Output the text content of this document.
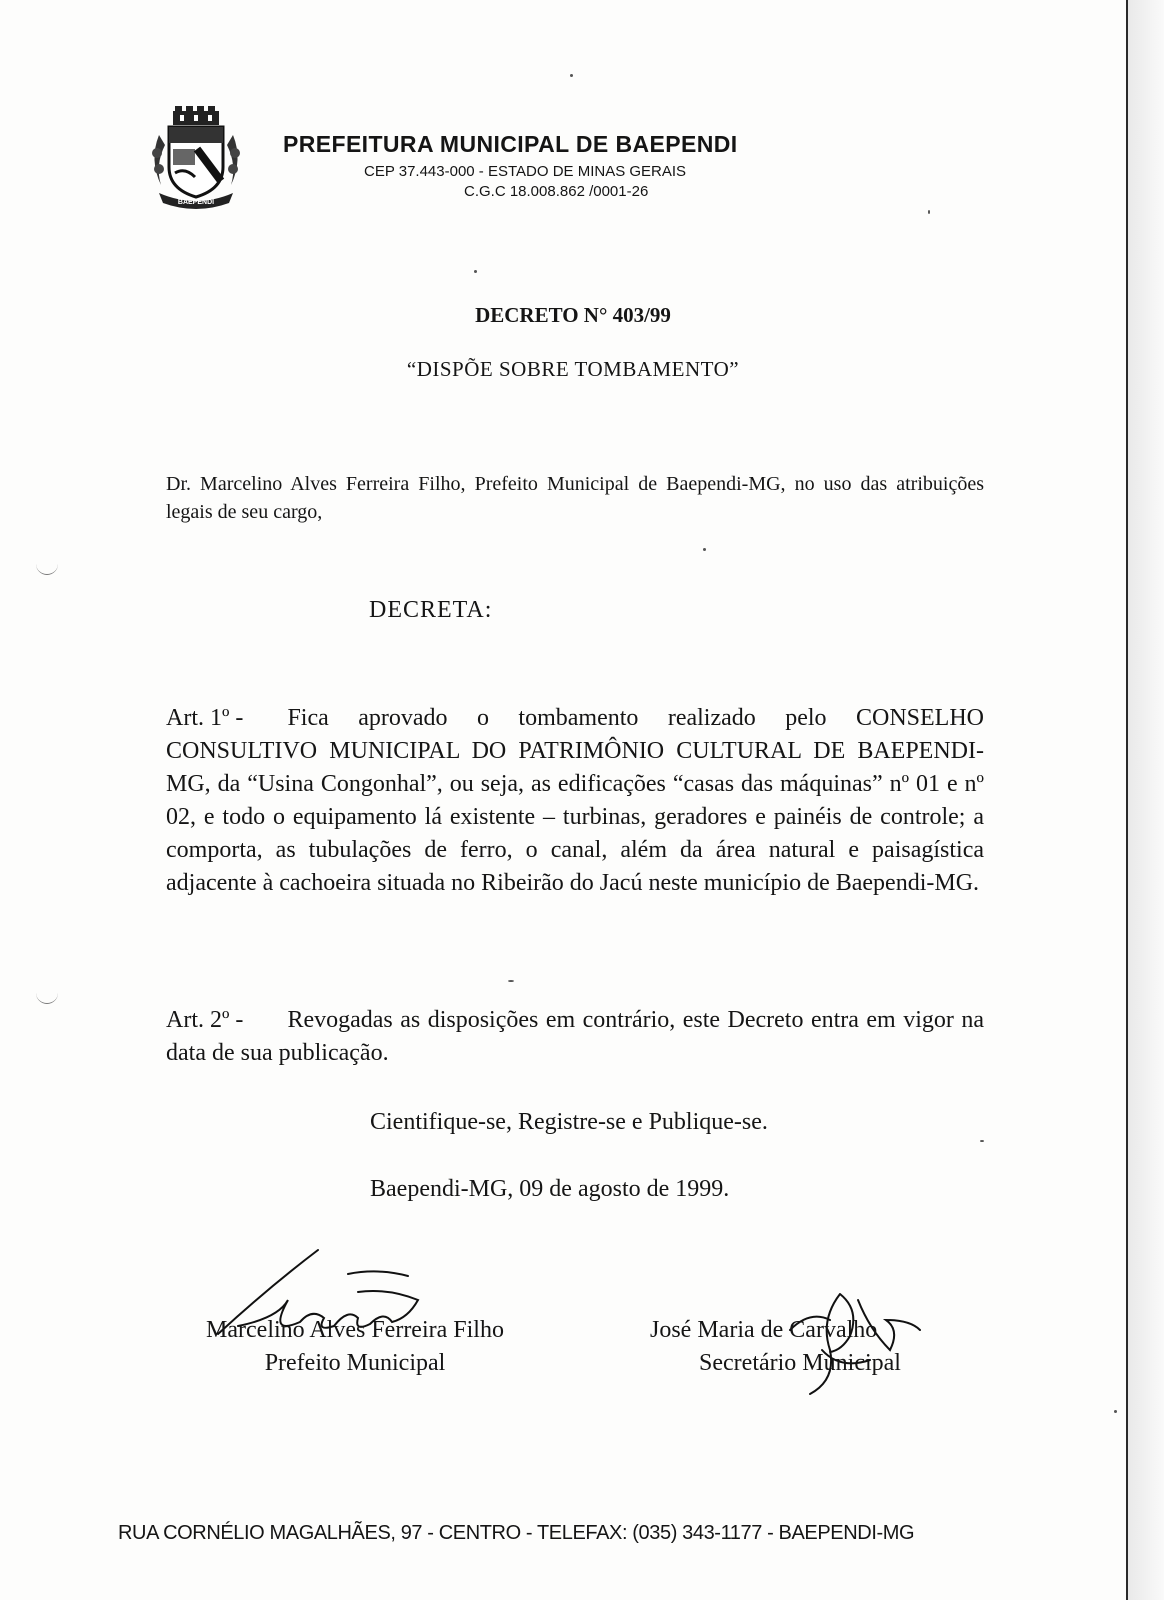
BAEPENDI
PREFEITURA MUNICIPAL DE BAEPENDI
CEP 37.443-000 - ESTADO DE MINAS GERAIS
C.G.C 18.008.862 /0001-26
DECRETO N° 403/99
“DISPÕE SOBRE TOMBAMENTO”
Dr. Marcelino Alves Ferreira Filho, Prefeito Municipal de Baependi-MG, no uso das atribuições legais de seu cargo,
DECRETA:
Art. 1º - Fica aprovado o tombamento realizado pelo CONSELHO CONSULTIVO MUNICIPAL DO PATRIMÔNIO CULTURAL DE BAEPENDI-MG, da “Usina Congonhal”, ou seja, as edificações “casas das máquinas” nº 01 e nº 02, e todo o equipamento lá existente – turbinas, geradores e painéis de controle; a comporta, as tubulações de ferro, o canal, além da área natural e paisagística adjacente à cachoeira situada no Ribeirão do Jacú neste município de Baependi-MG.
Art. 2º - Revogadas as disposições em contrário, este Decreto entra em vigor na data de sua publicação.
Cientifique-se, Registre-se e Publique-se.
Baependi-MG, 09 de agosto de 1999.
Marcelino Alves Ferreira Filho
Prefeito Municipal
José Maria de Carvalho
Secretário Municipal
RUA CORNÉLIO MAGALHÃES, 97 - CENTRO - TELEFAX: (035) 343-1177 - BAEPENDI-MG
